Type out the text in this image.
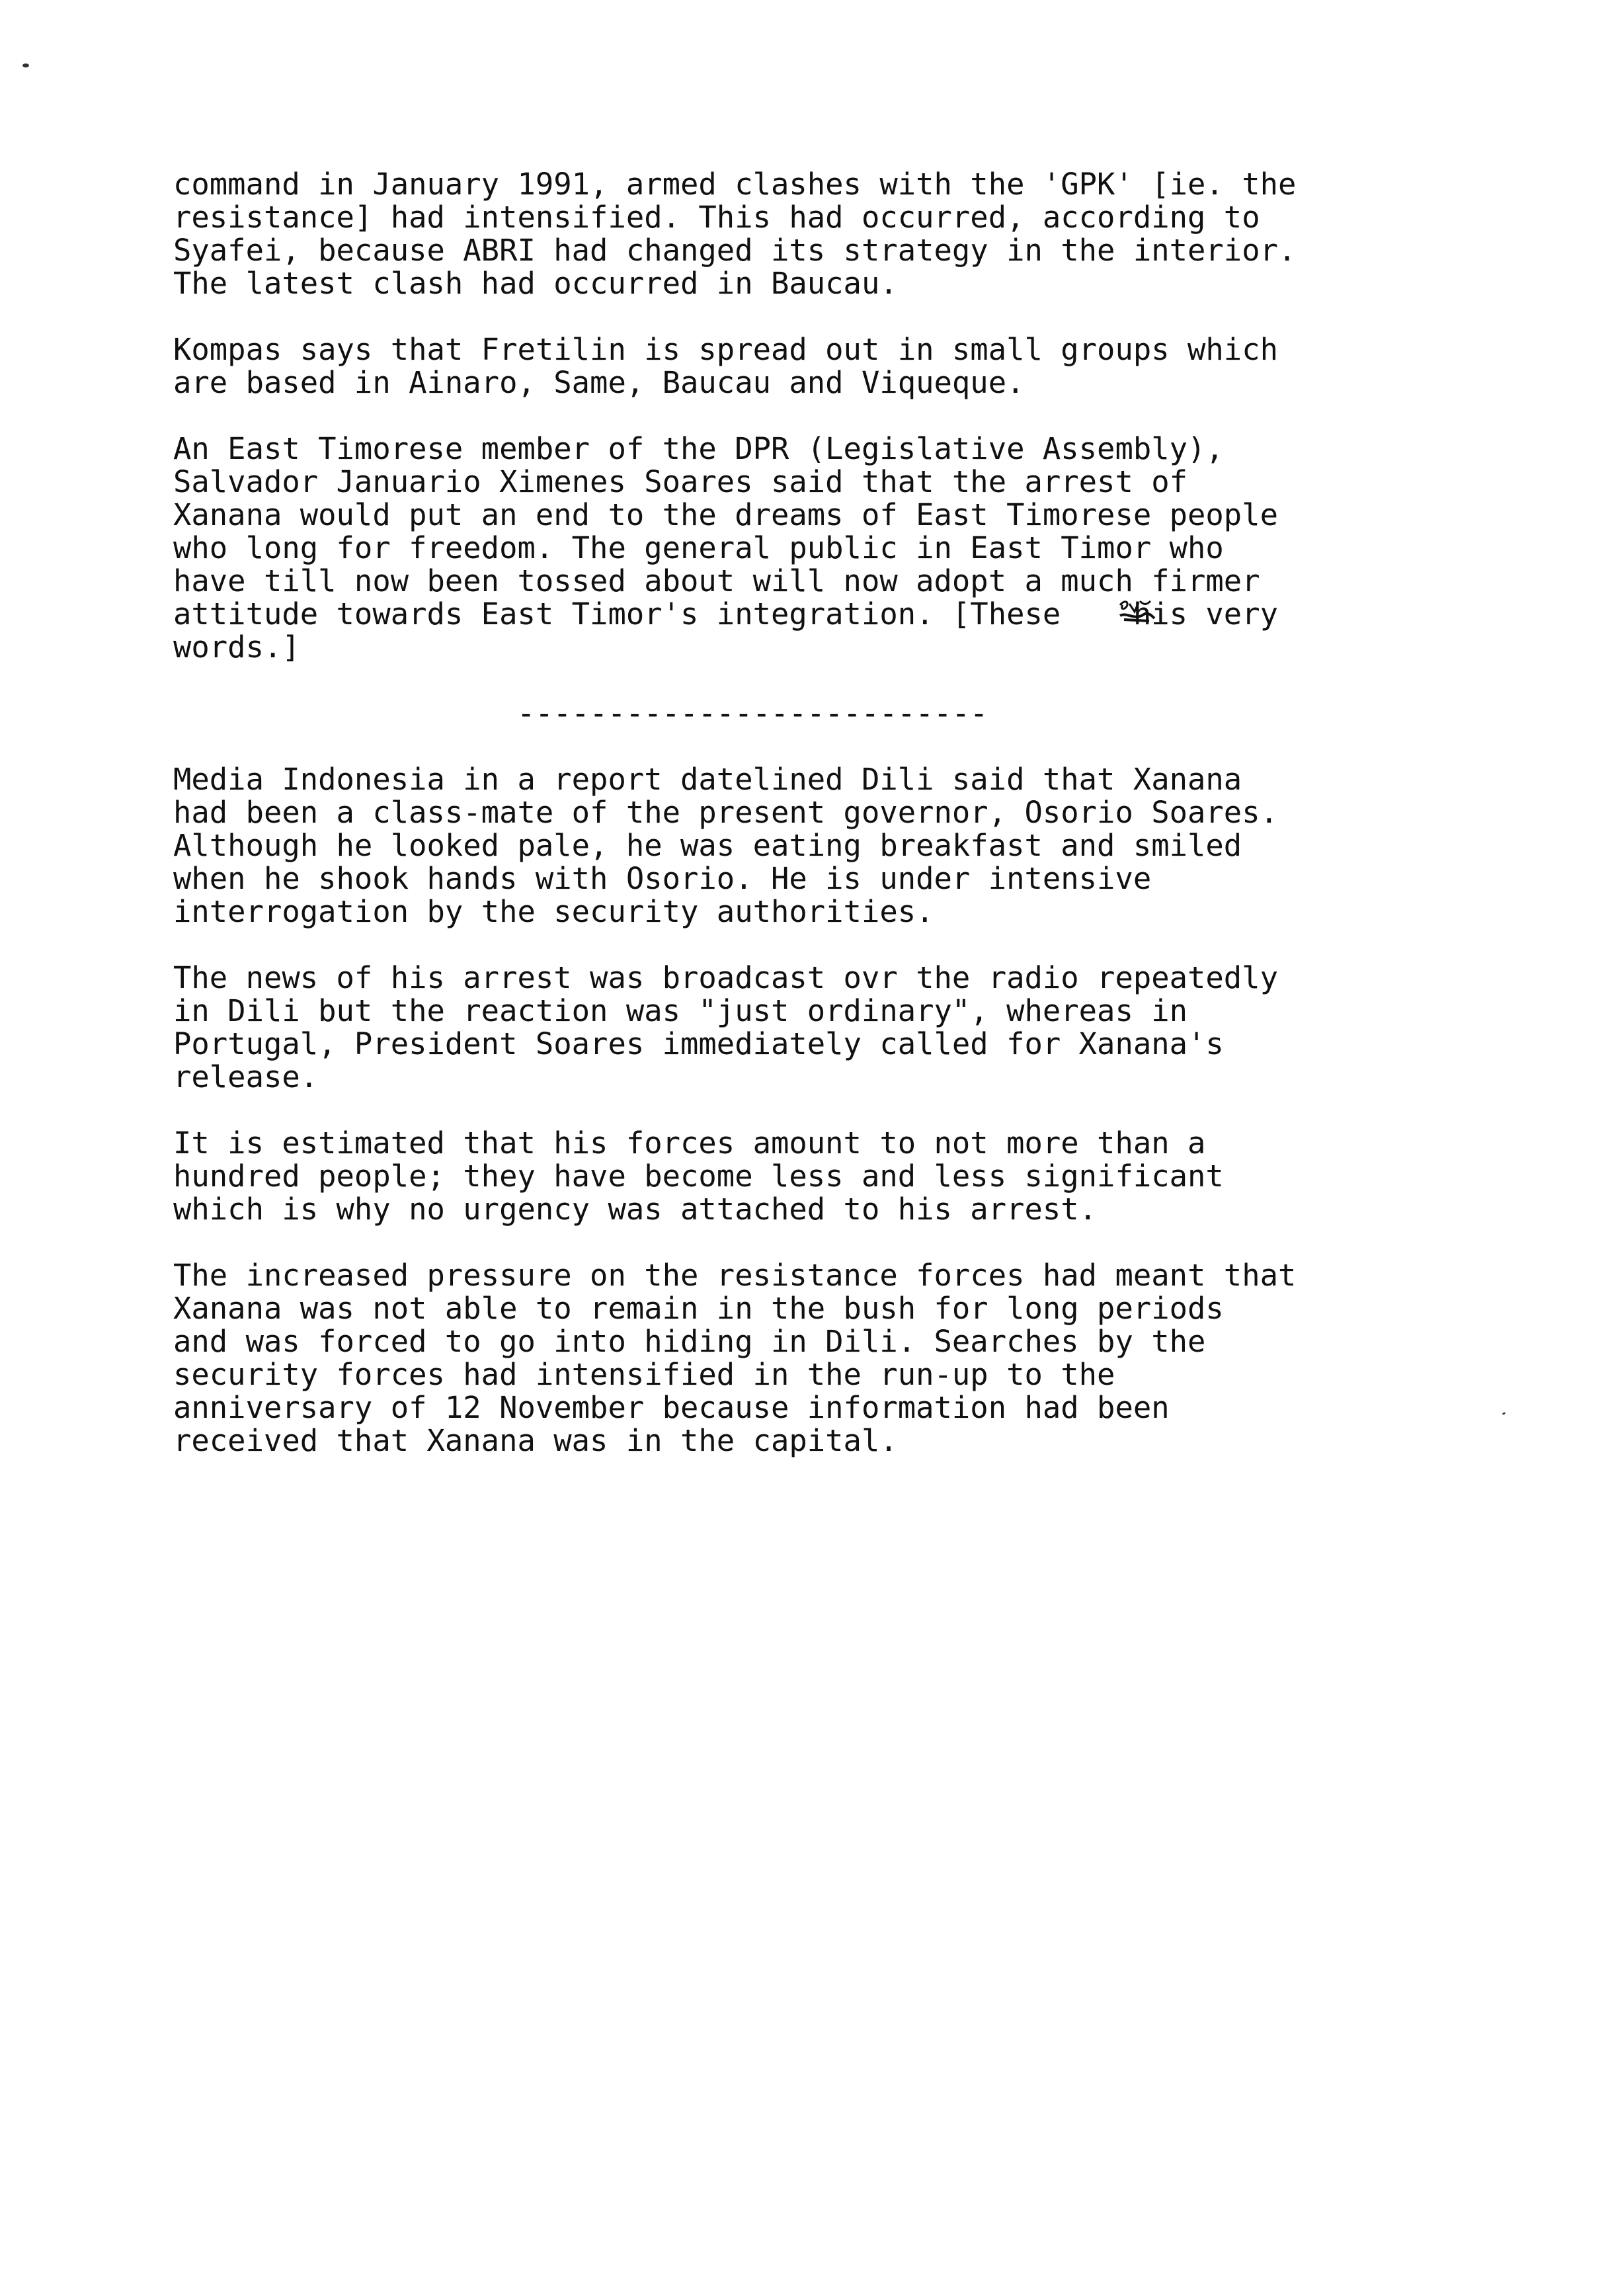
command in January 1991, armed clashes with the 'GPK' [ie. the
resistance] had intensified. This had occurred, according to
Syafei, because ABRI had changed its strategy in the interior.
The latest clash had occurred in Baucau.

Kompas says that Fretilin is spread out in small groups which
are based in Ainaro, Same, Baucau and Viqueque.

An East Timorese member of the DPR (Legislative Assembly),
Salvador Januario Ximenes Soares said that the arrest of
Xanana would put an end to the dreams of East Timorese people
who long for freedom. The general public in East Timor who
have till now been tossed about will now adopt a much firmer
attitude towards East Timor's integration. [These    his very
words.]

--------------------------

Media Indonesia in a report datelined Dili said that Xanana
had been a class-mate of the present governor, Osorio Soares.
Although he looked pale, he was eating breakfast and smiled
when he shook hands with Osorio. He is under intensive
interrogation by the security authorities.

The news of his arrest was broadcast ovr the radio repeatedly
in Dili but the reaction was "just ordinary", whereas in
Portugal, President Soares immediately called for Xanana's
release.

It is estimated that his forces amount to not more than a
hundred people; they have become less and less significant
which is why no urgency was attached to his arrest.

The increased pressure on the resistance forces had meant that
Xanana was not able to remain in the bush for long periods
and was forced to go into hiding in Dili. Searches by the
security forces had intensified in the run-up to the
anniversary of 12 November because information had been
received that Xanana was in the capital.
